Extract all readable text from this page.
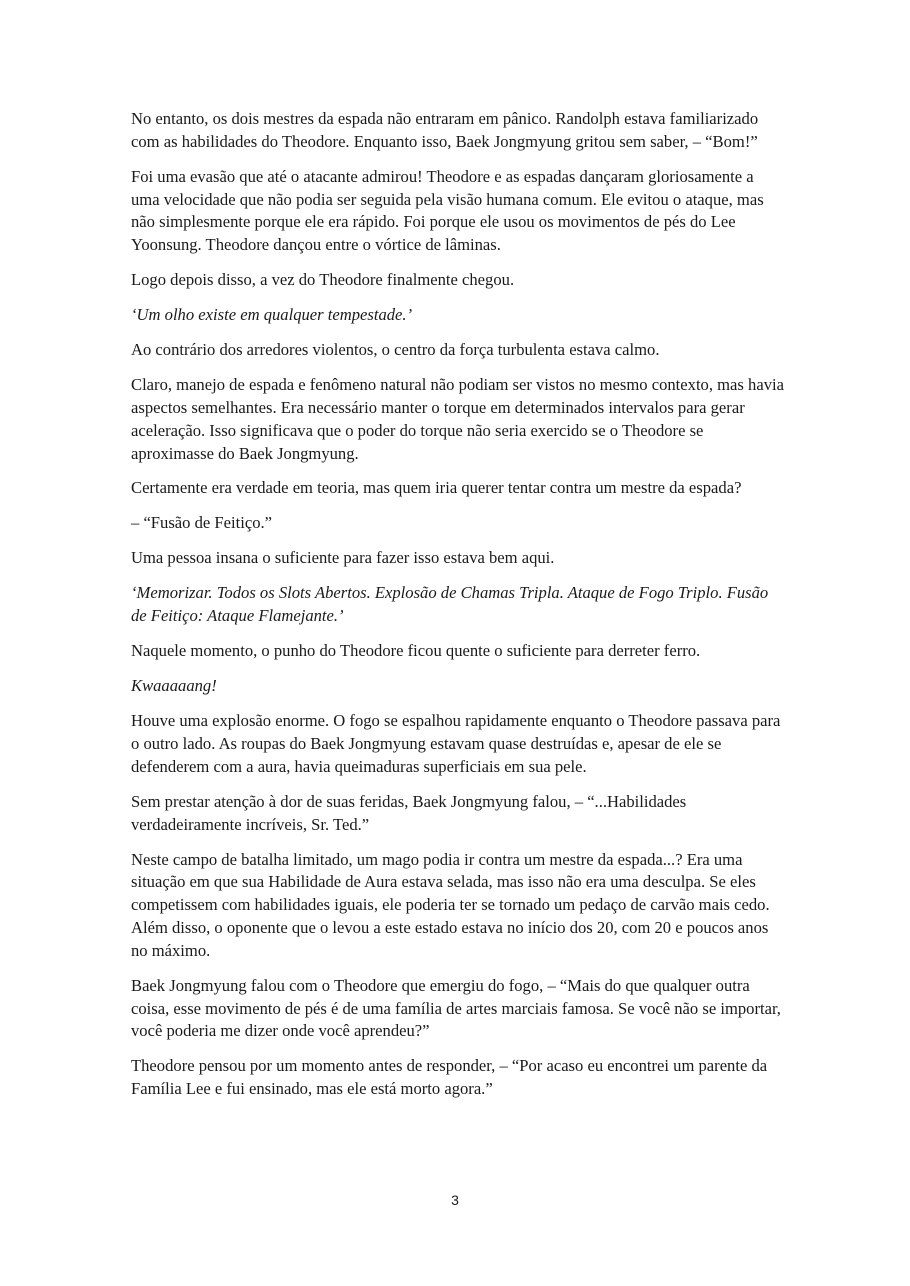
No entanto, os dois mestres da espada não entraram em pânico. Randolph estava familiarizado com as habilidades do Theodore. Enquanto isso, Baek Jongmyung gritou sem saber, – “Bom!”

Foi uma evasão que até o atacante admirou! Theodore e as espadas dançaram gloriosamente a uma velocidade que não podia ser seguida pela visão humana comum. Ele evitou o ataque, mas não simplesmente porque ele era rápido. Foi porque ele usou os movimentos de pés do Lee Yoonsung. Theodore dançou entre o vórtice de lâminas.

Logo depois disso, a vez do Theodore finalmente chegou.

‘Um olho existe em qualquer tempestade.’

Ao contrário dos arredores violentos, o centro da força turbulenta estava calmo.

Claro, manejo de espada e fenômeno natural não podiam ser vistos no mesmo contexto, mas havia aspectos semelhantes. Era necessário manter o torque em determinados intervalos para gerar aceleração. Isso significava que o poder do torque não seria exercido se o Theodore se aproximasse do Baek Jongmyung.

Certamente era verdade em teoria, mas quem iria querer tentar contra um mestre da espada?

– “Fusão de Feitiço.”

Uma pessoa insana o suficiente para fazer isso estava bem aqui.

‘Memorizar. Todos os Slots Abertos. Explosão de Chamas Tripla. Ataque de Fogo Triplo. Fusão de Feitiço: Ataque Flamejante.’

Naquele momento, o punho do Theodore ficou quente o suficiente para derreter ferro.

Kwaaaaang!

Houve uma explosão enorme. O fogo se espalhou rapidamente enquanto o Theodore passava para o outro lado. As roupas do Baek Jongmyung estavam quase destruídas e, apesar de ele se defenderem com a aura, havia queimaduras superficiais em sua pele.

Sem prestar atenção à dor de suas feridas, Baek Jongmyung falou, – “...Habilidades verdadeiramente incríveis, Sr. Ted.”

Neste campo de batalha limitado, um mago podia ir contra um mestre da espada...? Era uma situação em que sua Habilidade de Aura estava selada, mas isso não era uma desculpa. Se eles competissem com habilidades iguais, ele poderia ter se tornado um pedaço de carvão mais cedo. Além disso, o oponente que o levou a este estado estava no início dos 20, com 20 e poucos anos no máximo.

Baek Jongmyung falou com o Theodore que emergiu do fogo, – “Mais do que qualquer outra coisa, esse movimento de pés é de uma família de artes marciais famosa. Se você não se importar, você poderia me dizer onde você aprendeu?”

Theodore pensou por um momento antes de responder, – “Por acaso eu encontrei um parente da Família Lee e fui ensinado, mas ele está morto agora.”

3
